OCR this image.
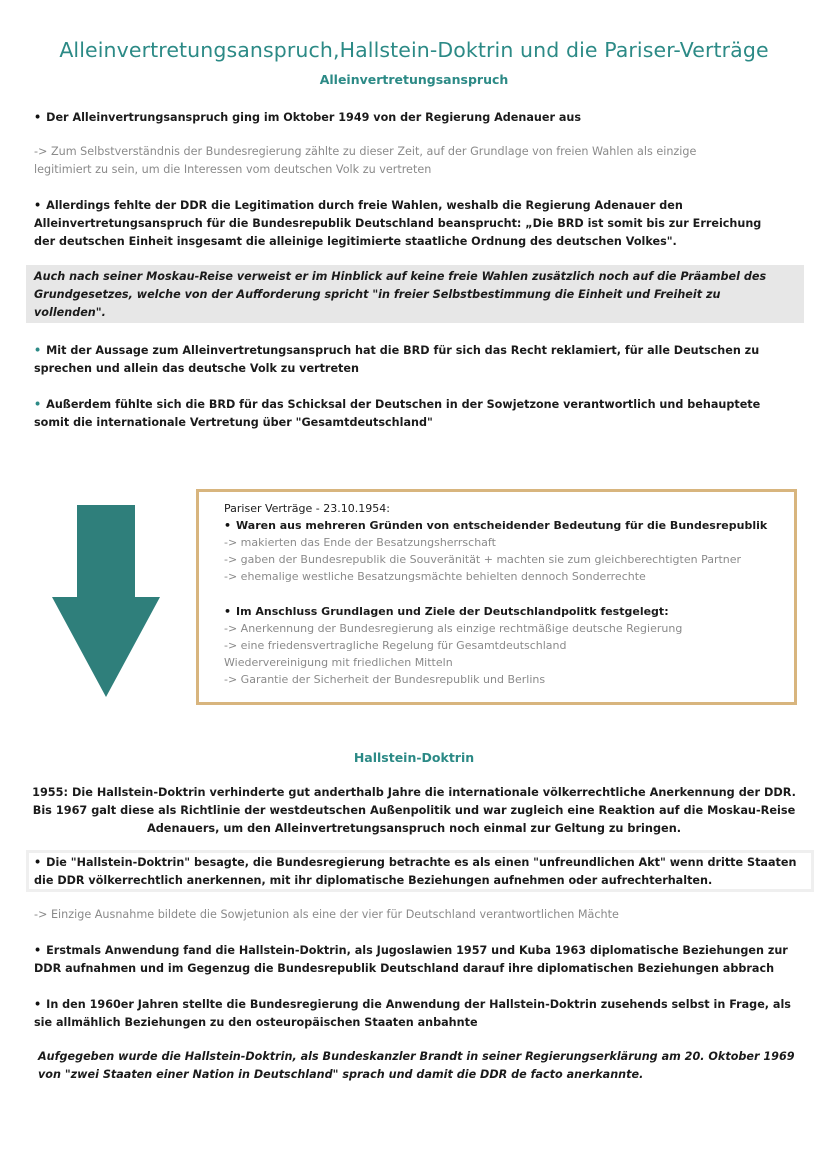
Alleinvertretungsanspruch,Hallstein-Doktrin und die Pariser-Verträge
Alleinvertretungsanspruch
• Der Alleinvertrungsanspruch ging im Oktober 1949 von der Regierung Adenauer aus
-> Zum Selbstverständnis der Bundesregierung zählte zu dieser Zeit, auf der Grundlage von freien Wahlen als einzige
legitimiert zu sein, um die Interessen vom deutschen Volk zu vertreten
• Allerdings fehlte der DDR die Legitimation durch freie Wahlen, weshalb die Regierung Adenauer den
Alleinvertretungsanspruch für die Bundesrepublik Deutschland beansprucht: „Die BRD ist somit bis zur Erreichung
der deutschen Einheit insgesamt die alleinige legitimierte staatliche Ordnung des deutschen Volkes".
Auch nach seiner Moskau-Reise verweist er im Hinblick auf keine freie Wahlen zusätzlich noch auf die Präambel des
Grundgesetzes, welche von der Aufforderung spricht "in freier Selbstbestimmung die Einheit und Freiheit zu
vollenden".
• Mit der Aussage zum Alleinvertretungsanspruch hat die BRD für sich das Recht reklamiert, für alle Deutschen zu
sprechen und allein das deutsche Volk zu vertreten
• Außerdem fühlte sich die BRD für das Schicksal der Deutschen in der Sowjetzone verantwortlich und behauptete
somit die internationale Vertretung über "Gesamtdeutschland"
Pariser Verträge - 23.10.1954:
• Waren aus mehreren Gründen von entscheidender Bedeutung für die Bundesrepublik
-> makierten das Ende der Besatzungsherrschaft
-> gaben der Bundesrepublik die Souveränität + machten sie zum gleichberechtigten Partner
-> ehemalige westliche Besatzungsmächte behielten dennoch Sonderrechte
• Im Anschluss Grundlagen und Ziele der Deutschlandpolitk festgelegt:
-> Anerkennung der Bundesregierung als einzige rechtmäßige deutsche Regierung
-> eine friedensvertragliche Regelung für Gesamtdeutschland
Wiedervereinigung mit friedlichen Mitteln
-> Garantie der Sicherheit der Bundesrepublik und Berlins
Hallstein-Doktrin
1955: Die Hallstein-Doktrin verhinderte gut anderthalb Jahre die internationale völkerrechtliche Anerkennung der DDR.
Bis 1967 galt diese als Richtlinie der westdeutschen Außenpolitik und war zugleich eine Reaktion auf die Moskau-Reise
Adenauers, um den Alleinvertretungsanspruch noch einmal zur Geltung zu bringen.
• Die "Hallstein-Doktrin" besagte, die Bundesregierung betrachte es als einen "unfreundlichen Akt" wenn dritte Staaten
die DDR völkerrechtlich anerkennen, mit ihr diplomatische Beziehungen aufnehmen oder aufrechterhalten.
-> Einzige Ausnahme bildete die Sowjetunion als eine der vier für Deutschland verantwortlichen Mächte
• Erstmals Anwendung fand die Hallstein-Doktrin, als Jugoslawien 1957 und Kuba 1963 diplomatische Beziehungen zur
DDR aufnahmen und im Gegenzug die Bundesrepublik Deutschland darauf ihre diplomatischen Beziehungen abbrach
• In den 1960er Jahren stellte die Bundesregierung die Anwendung der Hallstein-Doktrin zusehends selbst in Frage, als
sie allmählich Beziehungen zu den osteuropäischen Staaten anbahnte
Aufgegeben wurde die Hallstein-Doktrin, als Bundeskanzler Brandt in seiner Regierungserklärung am 20. Oktober 1969
von "zwei Staaten einer Nation in Deutschland" sprach und damit die DDR de facto anerkannte.
